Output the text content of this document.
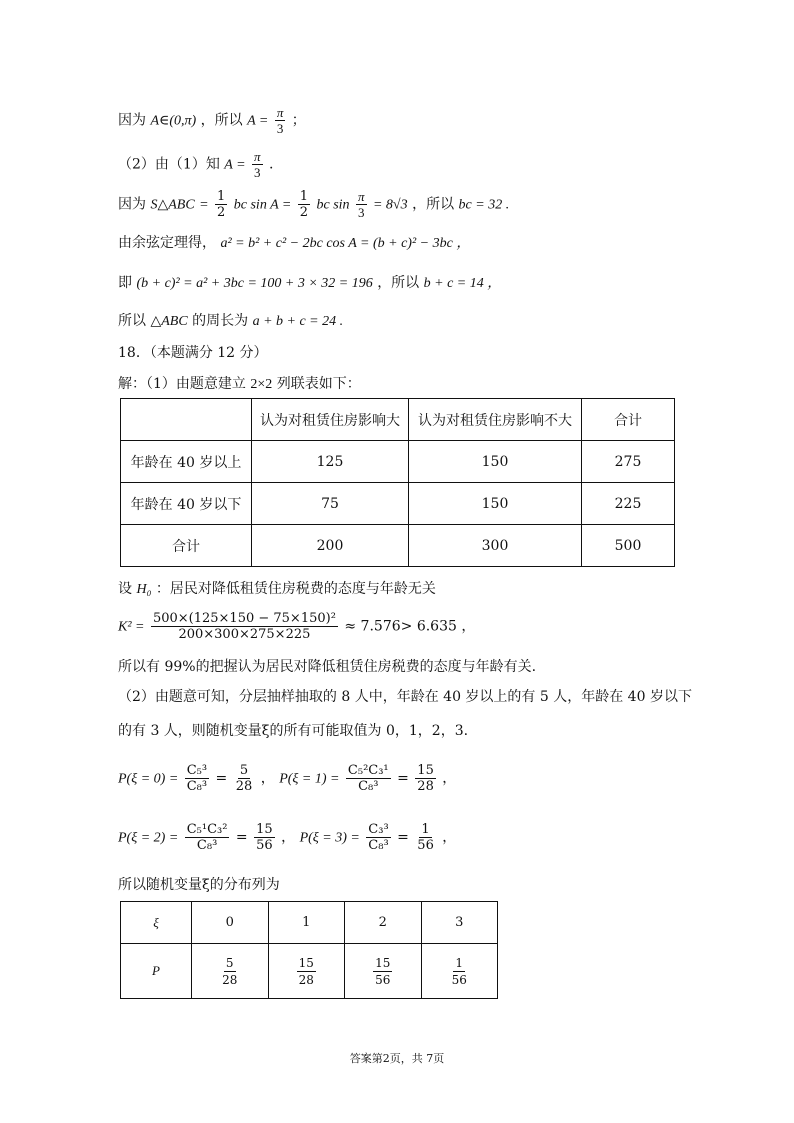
因为 A∈(0,π) ，所以 $A = \frac{\pi}{3}$ ；
（2）由（1）知 $A = \frac{\pi}{3}$ .
因为 S△ABC = $\frac{1}{2}$ bc $\sin A = \frac{1}{2}$ bc $\sin \frac{\pi}{3} = 8√3$ ，所以 bc = 32 .
由余弦定理得， a² = b² + c² − 2bc cos A = (b + c)² − 3bc ，
即 (b + c)² = a² + 3bc = 100 + 3 × 32 = 196 ，所以 b + c = 14 ，
所以 △ABC 的周长为 a + b + c = 24 .
18．（本题满分 12 分）
解：（1）由题意建立 2×2 列联表如下：
	认为对租赁住房影响大	认为对租赁住房影响不大	合计
年龄在 40 岁以上	125	150	275
年龄在 40 岁以下	75	150	225
合计	200	300	500
设 H₀ ：居民对降低租赁住房税费的态度与年龄无关
$K^2 = \frac{\text{500×(125×150 − 75×150)²}}{200\times 300\times 275\times 225} \approx 7.576> 6.635$ ，
所以有 99%的把握认为居民对降低租赁住房税费的态度与年龄有关.
（2）由题意可知，分层抽样抽取的 8 人中，年龄在 40 岁以上的有 5 人，年龄在 40 岁以下
的有 3 人，则随机变量ξ的所有可能取值为 0，1，2，3.
$P(\xi = 0) = \frac{\text{C₅³}}{\text{C₈³}} = \frac{5}{28}$ ， $P(\xi = 1) = \frac{\text{C₅²C₃¹}}{\text{C₈³}} = \frac{15}{28}$ ，
$P(\xi = 2) = \frac{\text{C₅¹C₃²}}{\text{C₈³}} = \frac{15}{56}$ ， $P(\xi = 3) = \frac{\text{C₃³}}{\text{C₈³}} = \frac{1}{56}$ ，
所以随机变量ξ的分布列为
ξ	0	1	2	3
P	$\frac{5}{28}$	$\frac{15}{28}$	$\frac{15}{56}$	$\frac{1}{56}$
答案第2页，共 7页
